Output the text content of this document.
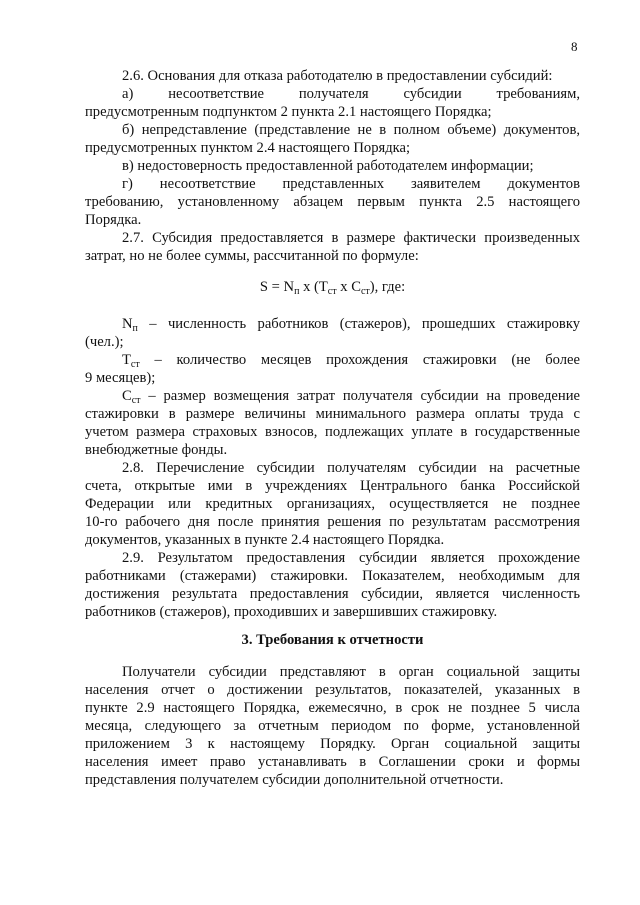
8
2.6. Основания для отказа работодателю в предоставлении субсидий:
а) несоответствие получателя субсидии требованиям,
предусмотренным подпунктом 2 пункта 2.1 настоящего Порядка;
б) непредставление (представление не в полном объеме) документов,
предусмотренных пунктом 2.4 настоящего Порядка;
в) недостоверность предоставленной работодателем информации;
г) несоответствие представленных заявителем документов
требованию, установленному абзацем первым пункта 2.5 настоящего
Порядка.
2.7. Субсидия предоставляется в размере фактически произведенных
затрат, но не более суммы, рассчитанной по формуле:
$S = N_п$ x ($T_{ст}$ x $C_{ст}$), где:
$N_п$ – численность работников (стажеров), прошедших стажировку
(чел.);
$T_{ст}$ – количество месяцев прохождения стажировки (не более
9 месяцев);
$C_{ст}$ – размер возмещения затрат получателя субсидии на проведение
стажировки в размере величины минимального размера оплаты труда с
учетом размера страховых взносов, подлежащих уплате в государственные
внебюджетные фонды.
2.8. Перечисление субсидии получателям субсидии на расчетные
счета, открытые ими в учреждениях Центрального банка Российской
Федерации или кредитных организациях, осуществляется не позднее
10-го рабочего дня после принятия решения по результатам рассмотрения
документов, указанных в пункте 2.4 настоящего Порядка.
2.9. Результатом предоставления субсидии является прохождение
работниками (стажерами) стажировки. Показателем, необходимым для
достижения результата предоставления субсидии, является численность
работников (стажеров), проходивших и завершивших стажировку.
3. Требования к отчетности
Получатели субсидии представляют в орган социальной защиты
населения отчет о достижении результатов, показателей, указанных в
пункте 2.9 настоящего Порядка, ежемесячно, в срок не позднее 5 числа
месяца, следующего за отчетным периодом по форме, установленной
приложением 3 к настоящему Порядку. Орган социальной защиты
населения имеет право устанавливать в Соглашении сроки и формы
представления получателем субсидии дополнительной отчетности.
